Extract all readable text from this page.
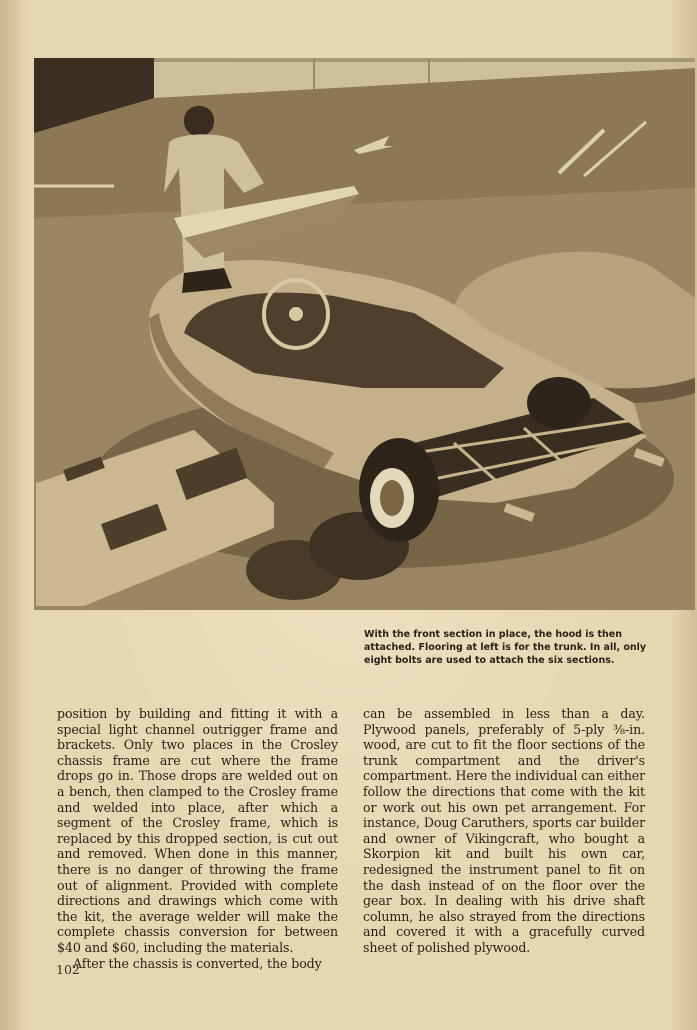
With the front section in place, the hood is then attached. Flooring at left is for the trunk. In all, only eight bolts are used to attach the six sections.

position by building and fitting it with a special light channel outrigger frame and brackets. Only two places in the Crosley chassis frame are cut where the frame drops go in. Those drops are welded out on a bench, then clamped to the Crosley frame and welded into place, after which a segment of the Crosley frame, which is replaced by this dropped section, is cut out and removed. When done in this manner, there is no danger of throwing the frame out of alignment. Provided with complete directions and drawings which come with the kit, the average welder will make the complete chassis conversion for between $40 and $60, including the materials.

After the chassis is converted, the body

can be assembled in less than a day. Plywood panels, preferably of 5-ply ⅜-in. wood, are cut to fit the floor sections of the trunk compartment and the driver's compartment. Here the individual can either follow the directions that come with the kit or work out his own pet arrangement. For instance, Doug Caruthers, sports car builder and owner of Vikingcraft, who bought a Skorpion kit and built his own car, redesigned the instrument panel to fit on the dash instead of on the floor over the gear box. In dealing with his drive shaft column, he also strayed from the directions and covered it with a gracefully curved sheet of polished plywood.

102
